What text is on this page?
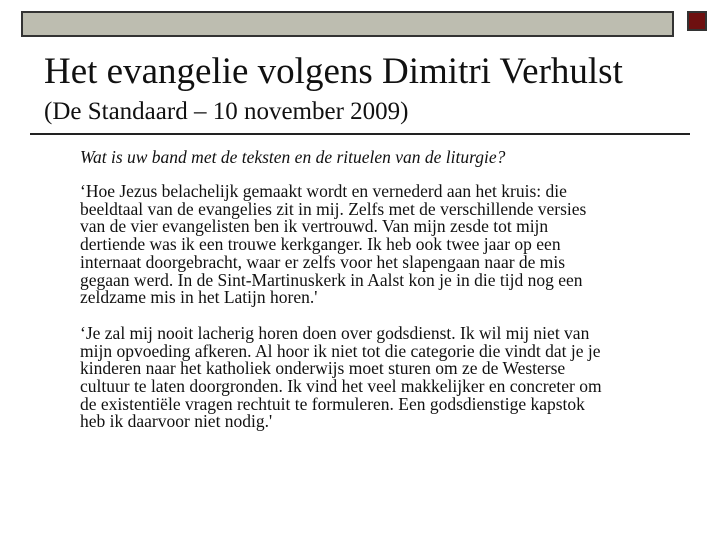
Het evangelie volgens Dimitri Verhulst
(De Standaard – 10 november 2009)

Wat is uw band met de teksten en de rituelen van de liturgie?

‘Hoe Jezus belachelijk gemaakt wordt en vernederd aan het kruis: die
beeldtaal van de evangelies zit in mij. Zelfs met de verschillende versies
van de vier evangelisten ben ik vertrouwd. Van mijn zesde tot mijn
dertiende was ik een trouwe kerkganger. Ik heb ook twee jaar op een
internaat doorgebracht, waar er zelfs voor het slapengaan naar de mis
gegaan werd. In de Sint-Martinuskerk in Aalst kon je in die tijd nog een
zeldzame mis in het Latijn horen.'

‘Je zal mij nooit lacherig horen doen over godsdienst. Ik wil mij niet van
mijn opvoeding afkeren. Al hoor ik niet tot die categorie die vindt dat je je
kinderen naar het katholiek onderwijs moet sturen om ze de Westerse
cultuur te laten doorgronden. Ik vind het veel makkelijker en concreter om
de existentiële vragen rechtuit te formuleren. Een godsdienstige kapstok
heb ik daarvoor niet nodig.'
